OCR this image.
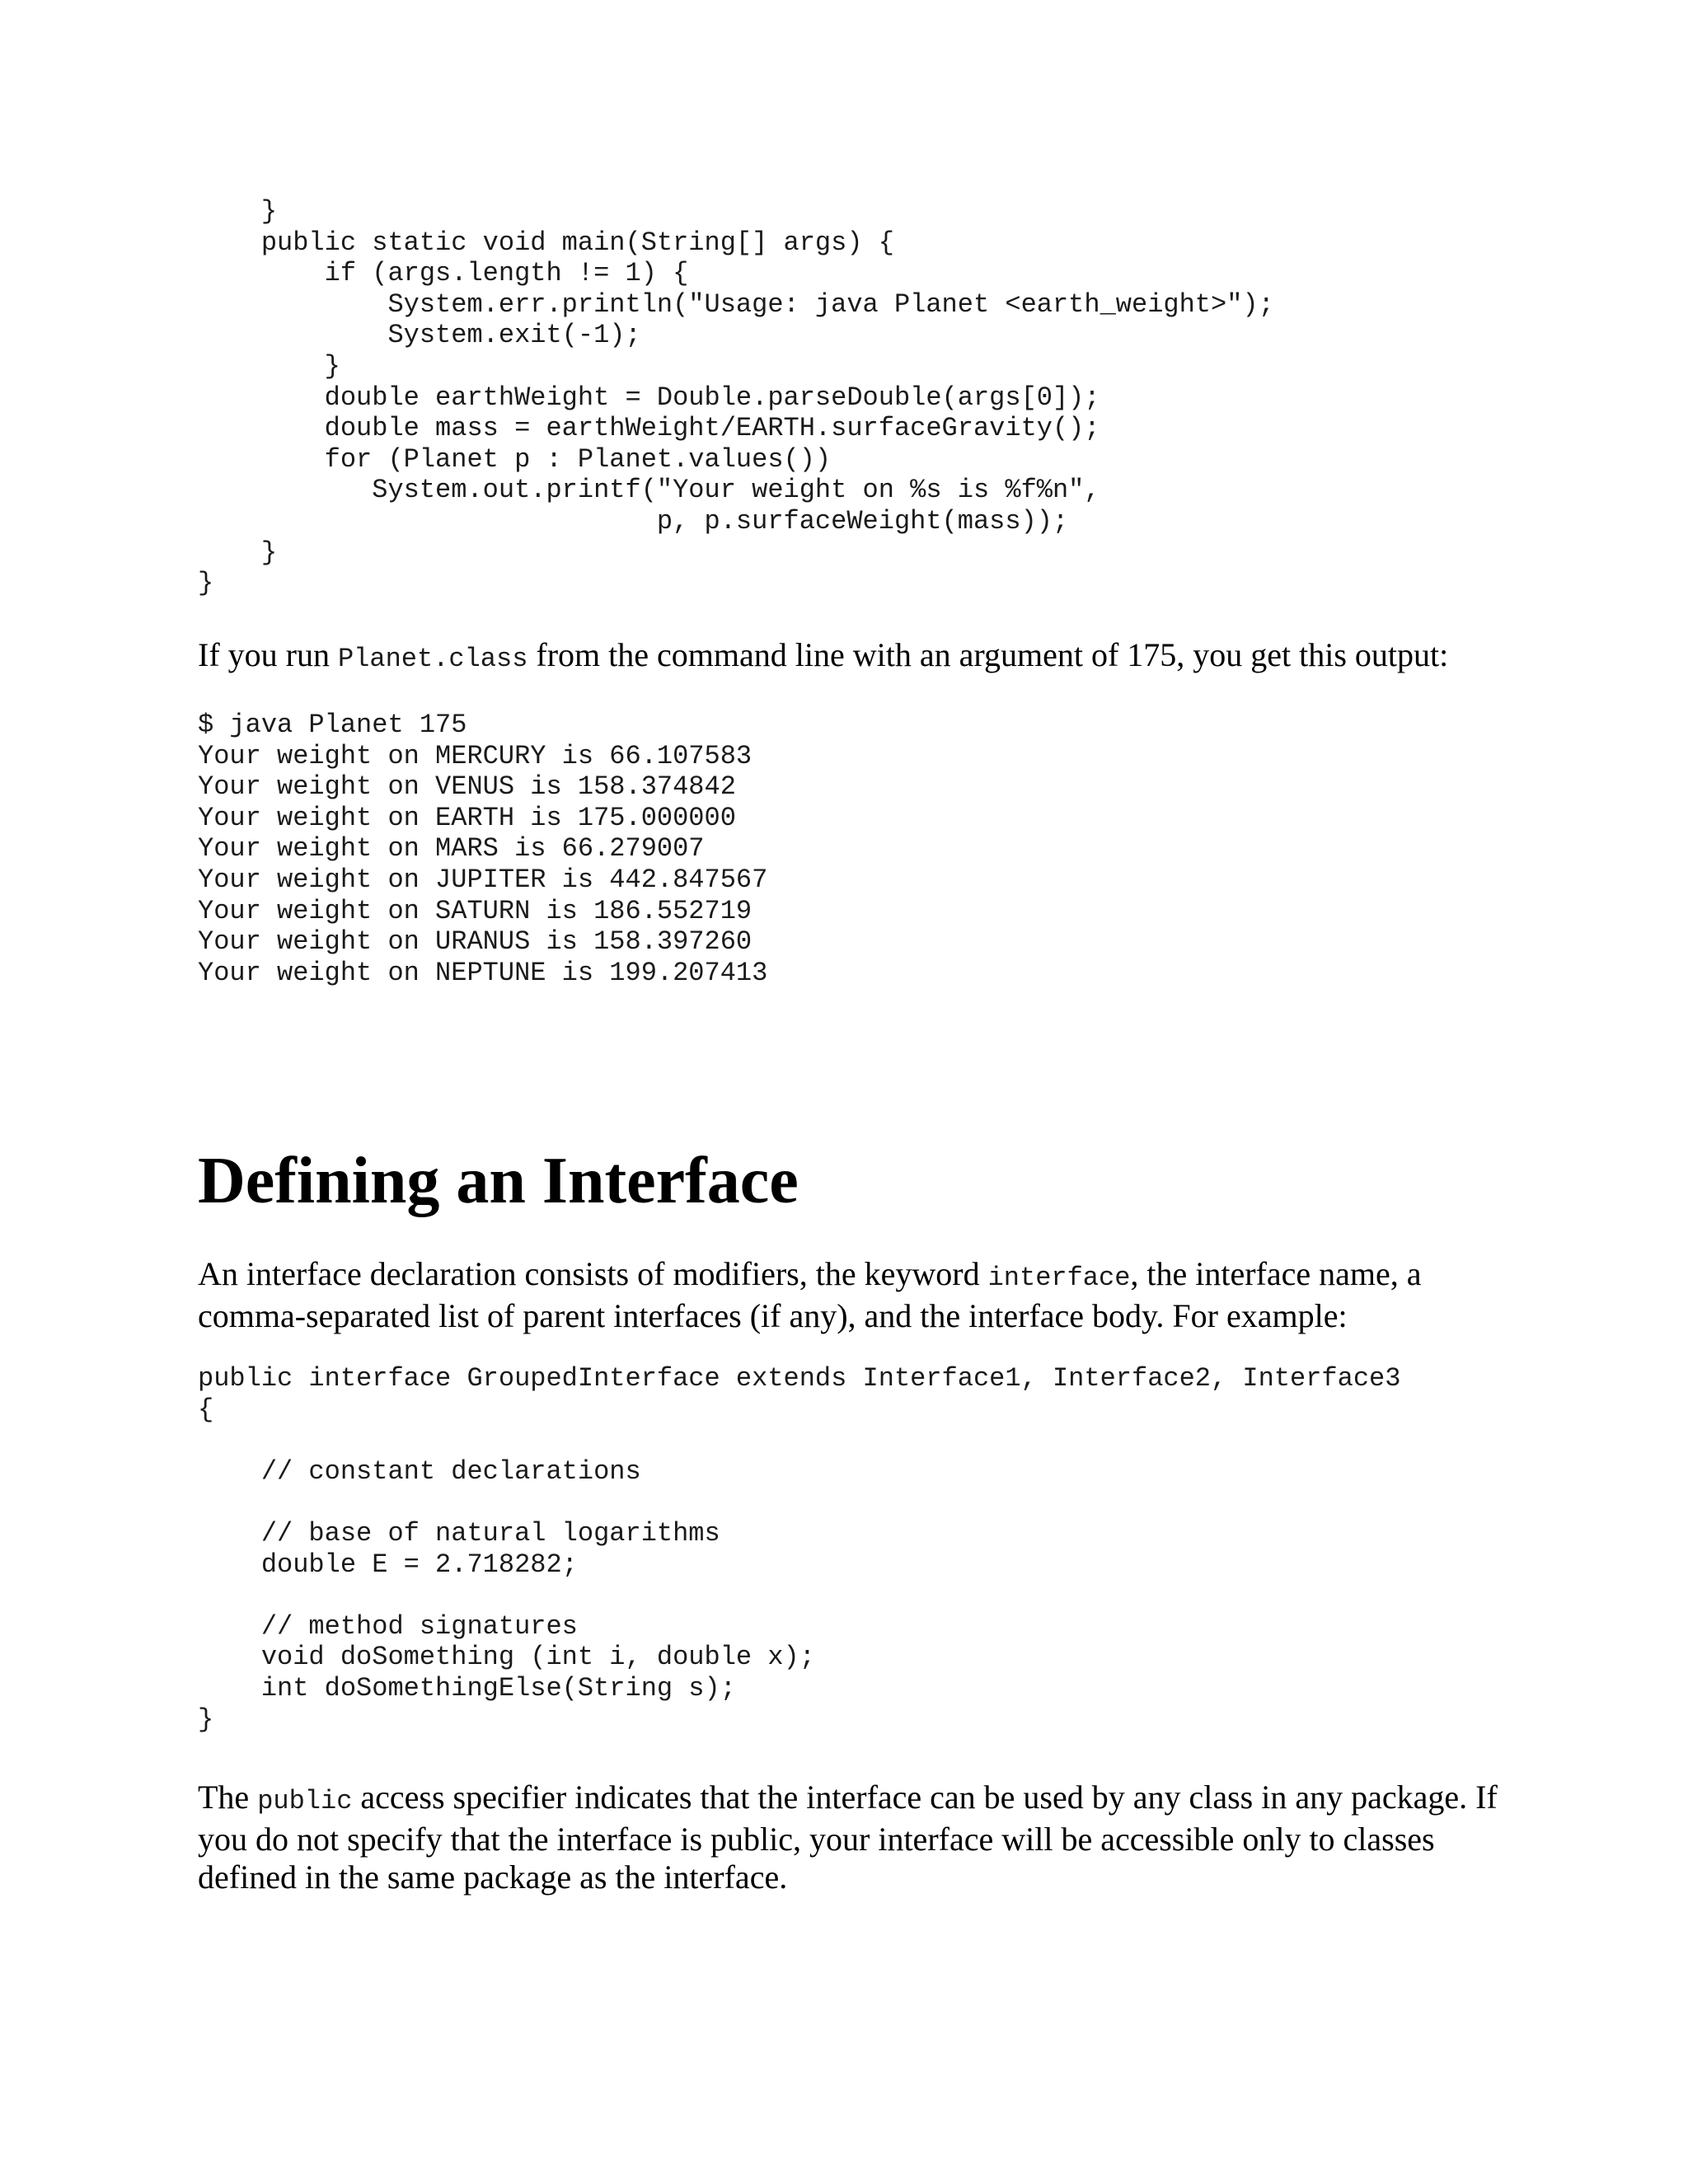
}
public static void main(String[] args) {
if (args.length != 1) {
System.err.println("Usage: java Planet <earth_weight>");
System.exit(-1);
}
double earthWeight = Double.parseDouble(args[0]);
double mass = earthWeight/EARTH.surfaceGravity();
for (Planet p : Planet.values())
System.out.printf("Your weight on %s is %f%n",
p, p.surfaceWeight(mass));
}
}

If you run Planet.class from the command line with an argument of 175, you get this output:

$ java Planet 175
Your weight on MERCURY is 66.107583
Your weight on VENUS is 158.374842
Your weight on EARTH is 175.000000
Your weight on MARS is 66.279007
Your weight on JUPITER is 442.847567
Your weight on SATURN is 186.552719
Your weight on URANUS is 158.397260
Your weight on NEPTUNE is 199.207413
Defining an Interface

An interface declaration consists of modifiers, the keyword interface, the interface name, a comma-separated list of parent interfaces (if any), and the interface body. For example:

public interface GroupedInterface extends Interface1, Interface2, Interface3
{

// constant declarations

// base of natural logarithms
double E = 2.718282;

// method signatures
void doSomething (int i, double x);
int doSomethingElse(String s);
}

The public access specifier indicates that the interface can be used by any class in any package. If you do not specify that the interface is public, your interface will be accessible only to classes defined in the same package as the interface.
